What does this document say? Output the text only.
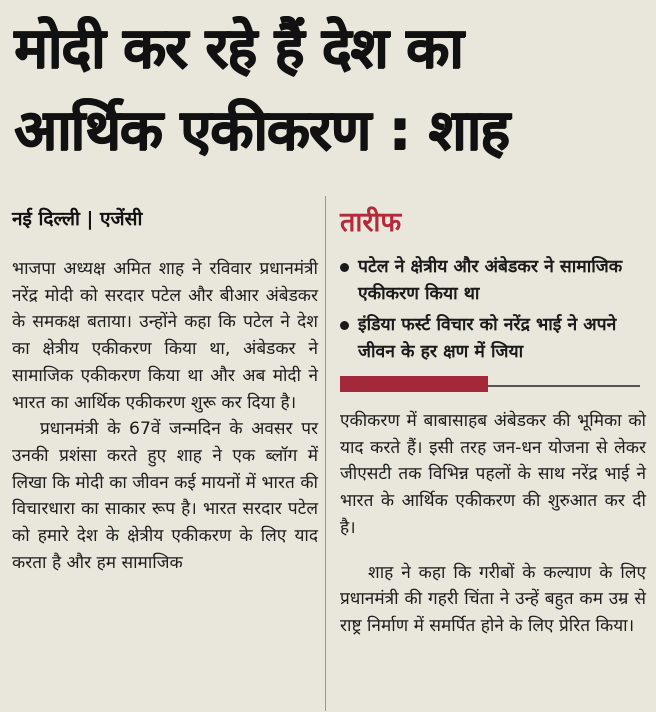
मोदी कर रहे हैं देश का
आर्थिक एकीकरण : शाह
नई दिल्ली | एजेंसी

भाजपा अध्यक्ष अमित शाह ने रविवार प्रधानमंत्री नरेंद्र मोदी को सरदार पटेल और बीआर अंबेडकर के समकक्ष बताया। उन्होंने कहा कि पटेल ने देश का क्षेत्रीय एकीकरण किया था, अंबेडकर ने सामाजिक एकीकरण किया था और अब मोदी ने भारत का आर्थिक एकीकरण शुरू कर दिया है।

प्रधानमंत्री के 67वें जन्मदिन के अवसर पर उनकी प्रशंसा करते हुए शाह ने एक ब्लॉग में लिखा कि मोदी का जीवन कई मायनों में भारत की विचारधारा का साकार रूप है। भारत सरदार पटेल को हमारे देश के क्षेत्रीय एकीकरण के लिए याद करता है और हम सामाजिक

तारीफ
पटेल ने क्षेत्रीय और अंबेडकर ने सामाजिक एकीकरण किया था
इंडिया फर्स्ट विचार को नरेंद्र भाई ने अपने जीवन के हर क्षण में जिया

एकीकरण में बाबासाहब अंबेडकर की भूमिका को याद करते हैं। इसी तरह जन-धन योजना से लेकर जीएसटी तक विभिन्न पहलों के साथ नरेंद्र भाई ने भारत के आर्थिक एकीकरण की शुरुआत कर दी है।

शाह ने कहा कि गरीबों के कल्याण के लिए प्रधानमंत्री की गहरी चिंता ने उन्हें बहुत कम उम्र से राष्ट्र निर्माण में समर्पित होने के लिए प्रेरित किया।
